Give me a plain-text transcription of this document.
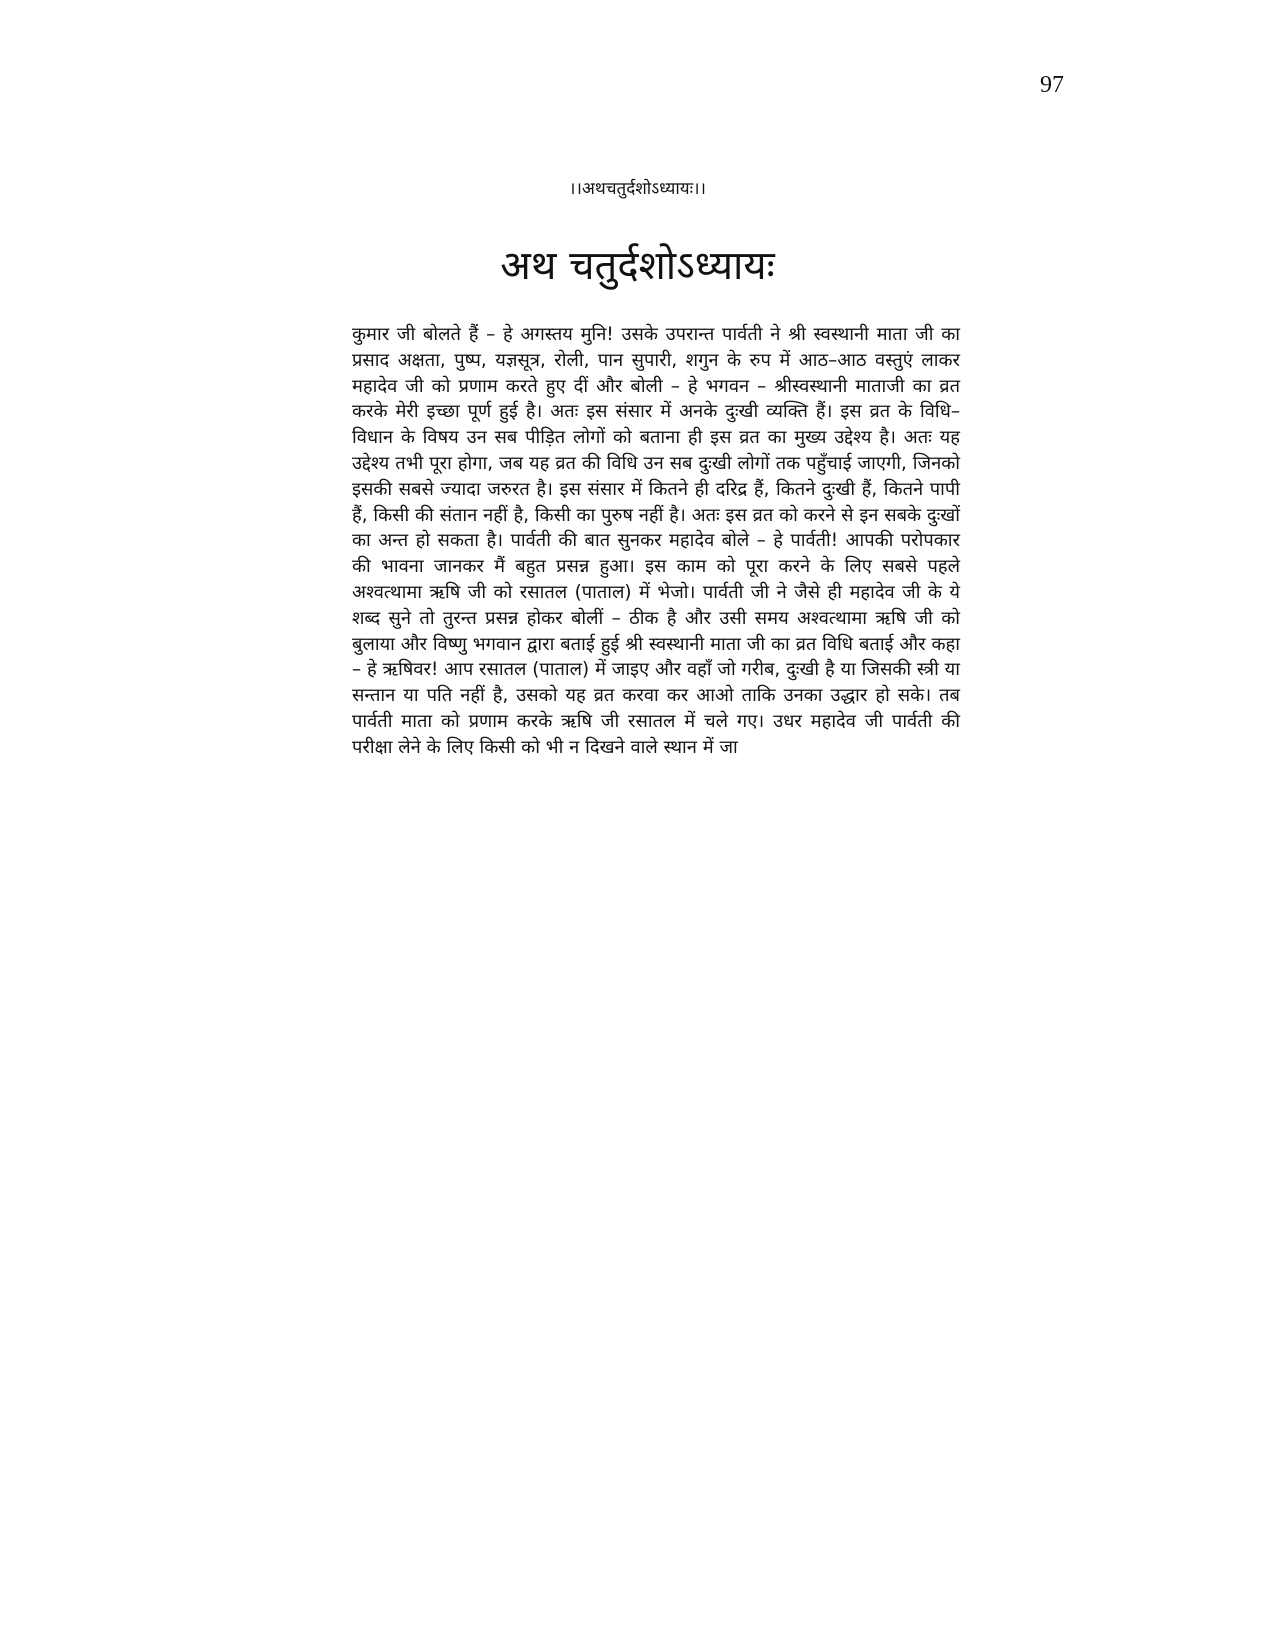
97
।।अथचतुर्दशोऽध्यायः।।
अथ चतुर्दशोऽध्यायः

कुमार जी बोलते हैं – हे अगस्तय मुनि! उसके उपरान्त पार्वती ने श्री स्वस्थानी माता जी का प्रसाद अक्षता, पुष्प, यज्ञसूत्र, रोली, पान सुपारी, शगुन के रुप में आठ–आठ वस्तुएं लाकर महादेव जी को प्रणाम करते हुए दीं और बोली – हे भगवन – श्रीस्वस्थानी माताजी का व्रत करके मेरी इच्छा पूर्ण हुई है। अतः इस संसार में अनके दुःखी व्यक्ति हैं। इस व्रत के विधि–विधान के विषय उन सब पीड़ित लोगों को बताना ही इस व्रत का मुख्य उद्देश्य है। अतः यह उद्देश्य तभी पूरा होगा, जब यह व्रत की विधि उन सब दुःखी लोगों तक पहुँचाई जाएगी, जिनको इसकी सबसे ज्यादा जरुरत है। इस संसार में कितने ही दरिद्र हैं, कितने दुःखी हैं, कितने पापी हैं, किसी की संतान नहीं है, किसी का पुरुष नहीं है। अतः इस व्रत को करने से इन सबके दुःखों का अन्त हो सकता है। पार्वती की बात सुनकर महादेव बोले – हे पार्वती! आपकी परोपकार की भावना जानकर मैं बहुत प्रसन्न हुआ। इस काम को पूरा करने के लिए सबसे पहले अश्वत्थामा ऋषि जी को रसातल (पाताल) में भेजो। पार्वती जी ने जैसे ही महादेव जी के ये शब्द सुने तो तुरन्त प्रसन्न होकर बोलीं – ठीक है और उसी समय अश्वत्थामा ऋषि जी को बुलाया और विष्णु भगवान द्वारा बताई हुई श्री स्वस्थानी माता जी का व्रत विधि बताई और कहा – हे ऋषिवर! आप रसातल (पाताल) में जाइए और वहाँ जो गरीब, दुःखी है या जिसकी स्त्री या सन्तान या पति नहीं है, उसको यह व्रत करवा कर आओ ताकि उनका उद्धार हो सके। तब पार्वती माता को प्रणाम करके ऋषि जी रसातल में चले गए। उधर महादेव जी पार्वती की परीक्षा लेने के लिए किसी को भी न दिखने वाले स्थान में जा
